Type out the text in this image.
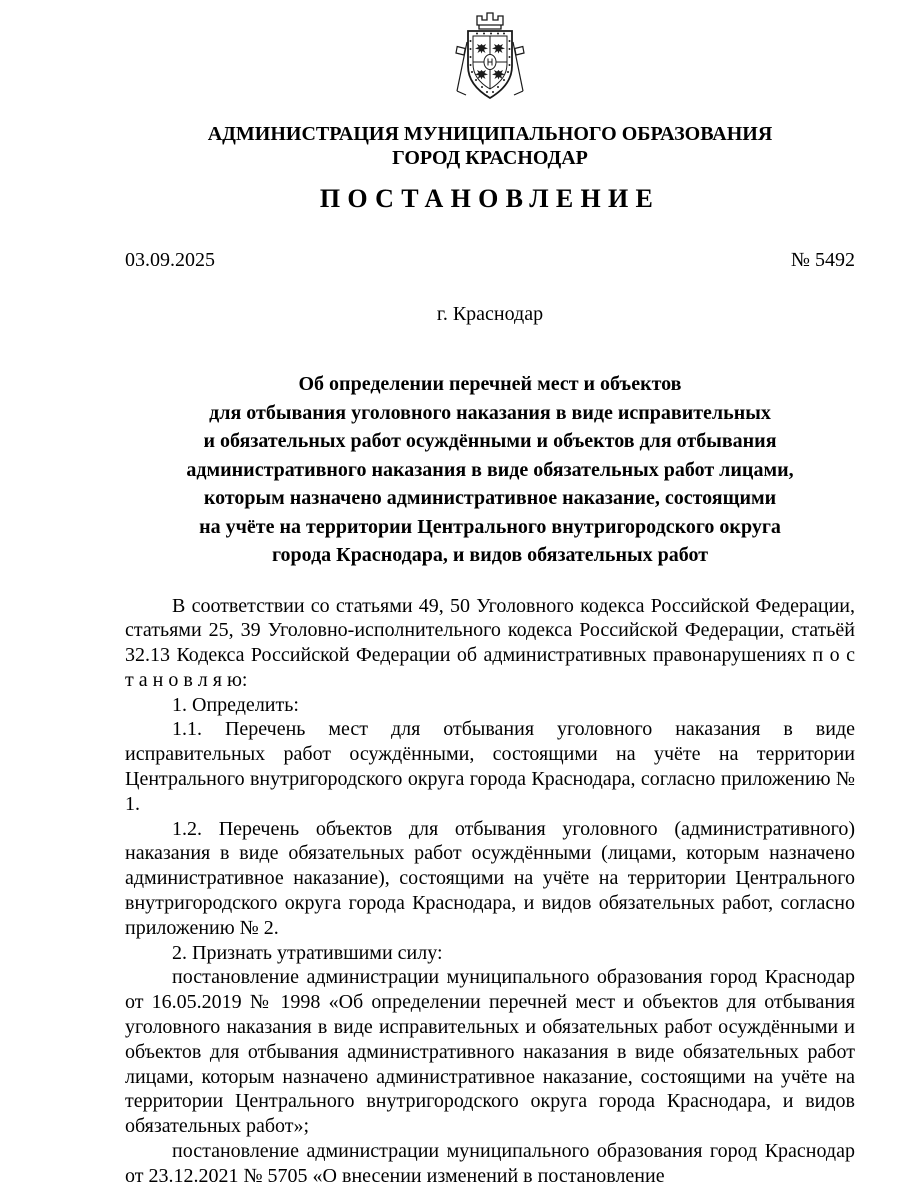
АДМИНИСТРАЦИЯ МУНИЦИПАЛЬНОГО ОБРАЗОВАНИЯ
ГОРОД КРАСНОДАР
ПОСТАНОВЛЕНИЕ
03.09.2025	№ 5492
г. Краснодар
Об определении перечней мест и объектов
для отбывания уголовного наказания в виде исправительных
и обязательных работ осуждёнными и объектов для отбывания
административного наказания в виде обязательных работ лицами,
которым назначено административное наказание, состоящими
на учёте на территории Центрального внутригородского округа
города Краснодара, и видов обязательных работ

В соответствии со статьями 49, 50 Уголовного кодекса Российской Федерации, статьями 25, 39 Уголовно-исполнительного кодекса Российской Федерации, статьёй 32.13 Кодекса Российской Федерации об административных правонарушениях п о с т а н о в л я ю:

1. Определить:

1.1. Перечень мест для отбывания уголовного наказания в виде исправительных работ осуждёнными, состоящими на учёте на территории Центрального внутригородского округа города Краснодара, согласно приложению № 1.

1.2. Перечень объектов для отбывания уголовного (административного) наказания в виде обязательных работ осуждёнными (лицами, которым назначено административное наказание), состоящими на учёте на территории Центрального внутригородского округа города Краснодара, и видов обязательных работ, согласно приложению № 2.

2. Признать утратившими силу:

постановление администрации муниципального образования город Краснодар от 16.05.2019 № 1998 «Об определении перечней мест и объектов для отбывания уголовного наказания в виде исправительных и обязательных работ осуждёнными и объектов для отбывания административного наказания в виде обязательных работ лицами, которым назначено административное наказание, состоящими на учёте на территории Центрального внутригородского округа города Краснодара, и видов обязательных работ»;

постановление администрации муниципального образования город Краснодар от 23.12.2021 № 5705 «О внесении изменений в постановление
